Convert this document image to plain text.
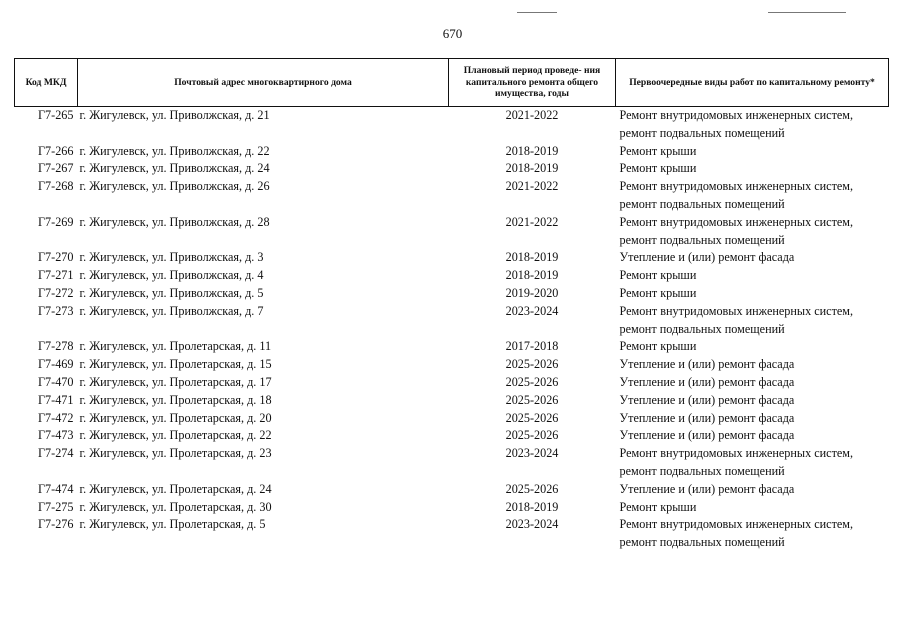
670
Код МКД	Почтовый адрес многоквартирного дома	Плановый период проведе- ния капитального ремонта общего имущества, годы	Первоочередные виды работ по капитальному ремонту*
Г7-265	г. Жигулевск, ул. Приволжская, д. 21	2021-2022	Ремонт внутридомовых инженерных систем, ремонт подвальных помещений
Г7-266	г. Жигулевск, ул. Приволжская, д. 22	2018-2019	Ремонт крыши
Г7-267	г. Жигулевск, ул. Приволжская, д. 24	2018-2019	Ремонт крыши
Г7-268	г. Жигулевск, ул. Приволжская, д. 26	2021-2022	Ремонт внутридомовых инженерных систем, ремонт подвальных помещений
Г7-269	г. Жигулевск, ул. Приволжская, д. 28	2021-2022	Ремонт внутридомовых инженерных систем, ремонт подвальных помещений
Г7-270	г. Жигулевск, ул. Приволжская, д. 3	2018-2019	Утепление и (или) ремонт фасада
Г7-271	г. Жигулевск, ул. Приволжская, д. 4	2018-2019	Ремонт крыши
Г7-272	г. Жигулевск, ул. Приволжская, д. 5	2019-2020	Ремонт крыши
Г7-273	г. Жигулевск, ул. Приволжская, д. 7	2023-2024	Ремонт внутридомовых инженерных систем, ремонт подвальных помещений
Г7-278	г. Жигулевск, ул. Пролетарская, д. 11	2017-2018	Ремонт крыши
Г7-469	г. Жигулевск, ул. Пролетарская, д. 15	2025-2026	Утепление и (или) ремонт фасада
Г7-470	г. Жигулевск, ул. Пролетарская, д. 17	2025-2026	Утепление и (или) ремонт фасада
Г7-471	г. Жигулевск, ул. Пролетарская, д. 18	2025-2026	Утепление и (или) ремонт фасада
Г7-472	г. Жигулевск, ул. Пролетарская, д. 20	2025-2026	Утепление и (или) ремонт фасада
Г7-473	г. Жигулевск, ул. Пролетарская, д. 22	2025-2026	Утепление и (или) ремонт фасада
Г7-274	г. Жигулевск, ул. Пролетарская, д. 23	2023-2024	Ремонт внутридомовых инженерных систем, ремонт подвальных помещений
Г7-474	г. Жигулевск, ул. Пролетарская, д. 24	2025-2026	Утепление и (или) ремонт фасада
Г7-275	г. Жигулевск, ул. Пролетарская, д. 30	2018-2019	Ремонт крыши
Г7-276	г. Жигулевск, ул. Пролетарская, д. 5	2023-2024	Ремонт внутридомовых инженерных систем, ремонт подвальных помещений
